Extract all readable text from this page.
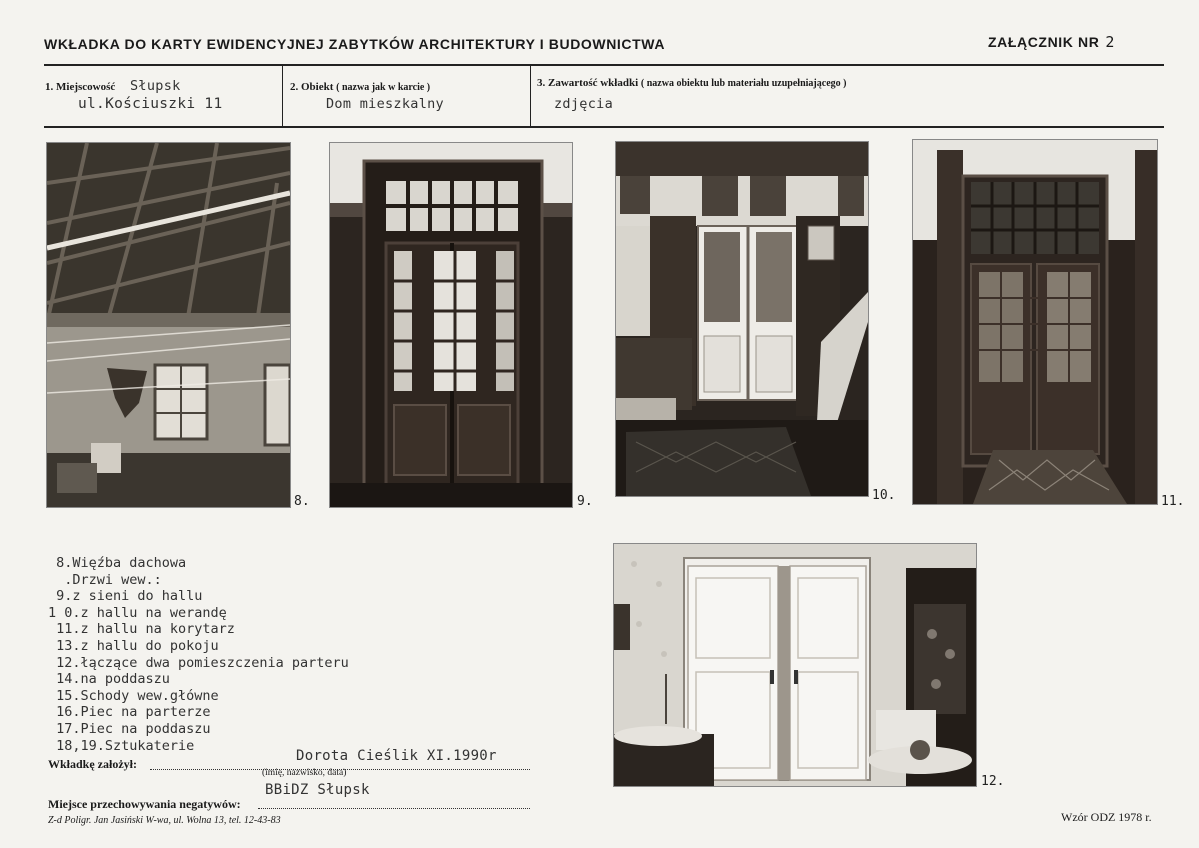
WKŁADKA DO KARTY EWIDENCYJNEJ ZABYTKÓW ARCHITEKTURY I BUDOWNICTWA	ZAŁĄCZNIK NR 2
1. Miejscowość Słupsk
ul.Kościuszki 11
2. Obiekt ( nazwa jak w karcie )
Dom mieszkalny
3. Zawartość wkładki ( nazwa obiektu lub materiału uzupełniającego )
zdjęcia
8.	9.	10.	11.
12.
8.Więźba dachowa
.Drzwi wew.:
9.z sieni do hallu
1 0.z hallu na werandę
11.z hallu na korytarz
13.z hallu do pokoju
12.łączące dwa pomieszczenia parteru
14.na poddaszu
15.Schody wew.główne
16.Piec na parterze
17.Piec na poddaszu
18,19.Sztukaterie
Wkładkę założył:	Dorota Cieślik XI.1990r
(imię, nazwisko, data)
Miejsce przechowywania negatywów:
BBiDZ Słupsk
Z-d Poligr. Jan Jasiński W-wa, ul. Wolna 13, tel. 12-43-83	Wzór ODZ 1978 r.
